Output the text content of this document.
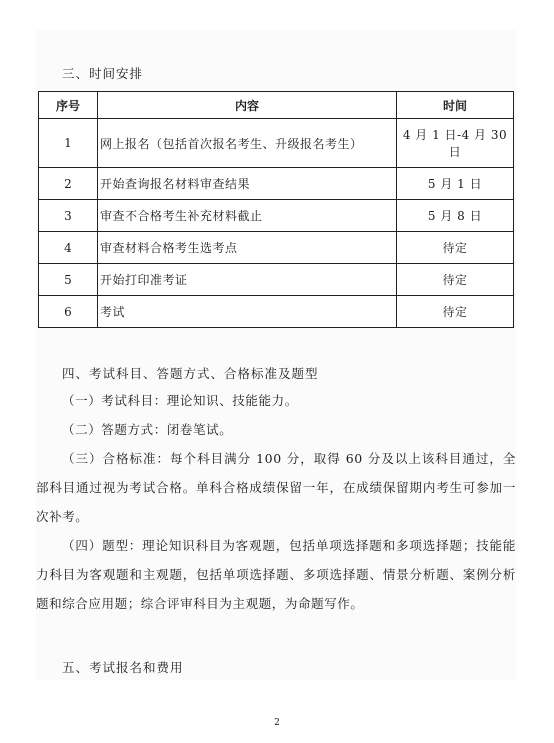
三、时间安排
序号	内容	时间
1	网上报名（包括首次报名考生、升级报名考生）	4 月 1 日-4 月 30 日
2	开始查询报名材料审查结果	5 月 1 日
3	审查不合格考生补充材料截止	5 月 8 日
4	审查材料合格考生选考点	待定
5	开始打印准考证	待定
6	考试	待定
四、考试科目、答题方式、合格标准及题型
（一）考试科目：理论知识、技能能力。
（二）答题方式：闭卷笔试。
（三）合格标准：每个科目满分 100 分，取得 60 分及以上该科目通过，全部科目通过视为考试合格。单科合格成绩保留一年，在成绩保留期内考生可参加一次补考。
（四）题型：理论知识科目为客观题，包括单项选择题和多项选择题；技能能力科目为客观题和主观题，包括单项选择题、多项选择题、情景分析题、案例分析题和综合应用题；综合评审科目为主观题，为命题写作。
五、考试报名和费用
2
